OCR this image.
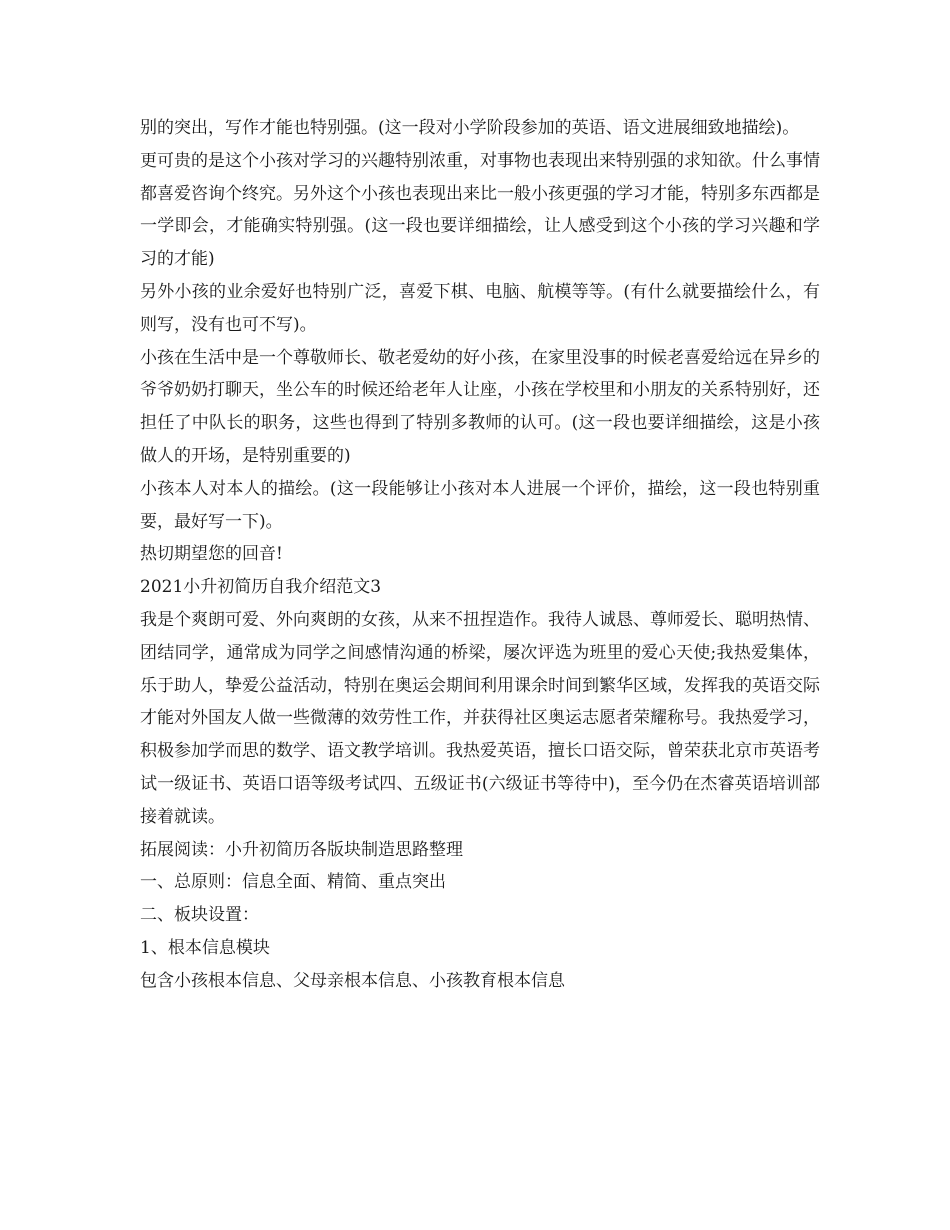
别的突出，写作才能也特别强。(这一段对小学阶段参加的英语、语文进展细致地描绘)。

更可贵的是这个小孩对学习的兴趣特别浓重，对事物也表现出来特别强的求知欲。什么事情都喜爱咨询个终究。另外这个小孩也表现出来比一般小孩更强的学习才能，特别多东西都是一学即会，才能确实特别强。(这一段也要详细描绘，让人感受到这个小孩的学习兴趣和学习的才能)

另外小孩的业余爱好也特别广泛，喜爱下棋、电脑、航模等等。(有什么就要描绘什么，有则写，没有也可不写)。

小孩在生活中是一个尊敬师长、敬老爱幼的好小孩，在家里没事的时候老喜爱给远在异乡的爷爷奶奶打聊天，坐公车的时候还给老年人让座，小孩在学校里和小朋友的关系特别好，还担任了中队长的职务，这些也得到了特别多教师的认可。(这一段也要详细描绘，这是小孩做人的开场，是特别重要的)

小孩本人对本人的描绘。(这一段能够让小孩对本人进展一个评价，描绘，这一段也特别重要，最好写一下)。

热切期望您的回音!

2021小升初简历自我介绍范文3

我是个爽朗可爱、外向爽朗的女孩，从来不扭捏造作。我待人诚恳、尊师爱长、聪明热情、团结同学，通常成为同学之间感情沟通的桥梁，屡次评选为班里的爱心天使;我热爱集体，乐于助人，挚爱公益活动，特别在奥运会期间利用课余时间到繁华区域，发挥我的英语交际才能对外国友人做一些微薄的效劳性工作，并获得社区奥运志愿者荣耀称号。我热爱学习，积极参加学而思的数学、语文教学培训。我热爱英语，擅长口语交际，曾荣获北京市英语考试一级证书、英语口语等级考试四、五级证书(六级证书等待中)，至今仍在杰睿英语培训部接着就读。

拓展阅读：小升初简历各版块制造思路整理

一、总原则：信息全面、精简、重点突出

二、板块设置：

1、根本信息模块

包含小孩根本信息、父母亲根本信息、小孩教育根本信息
